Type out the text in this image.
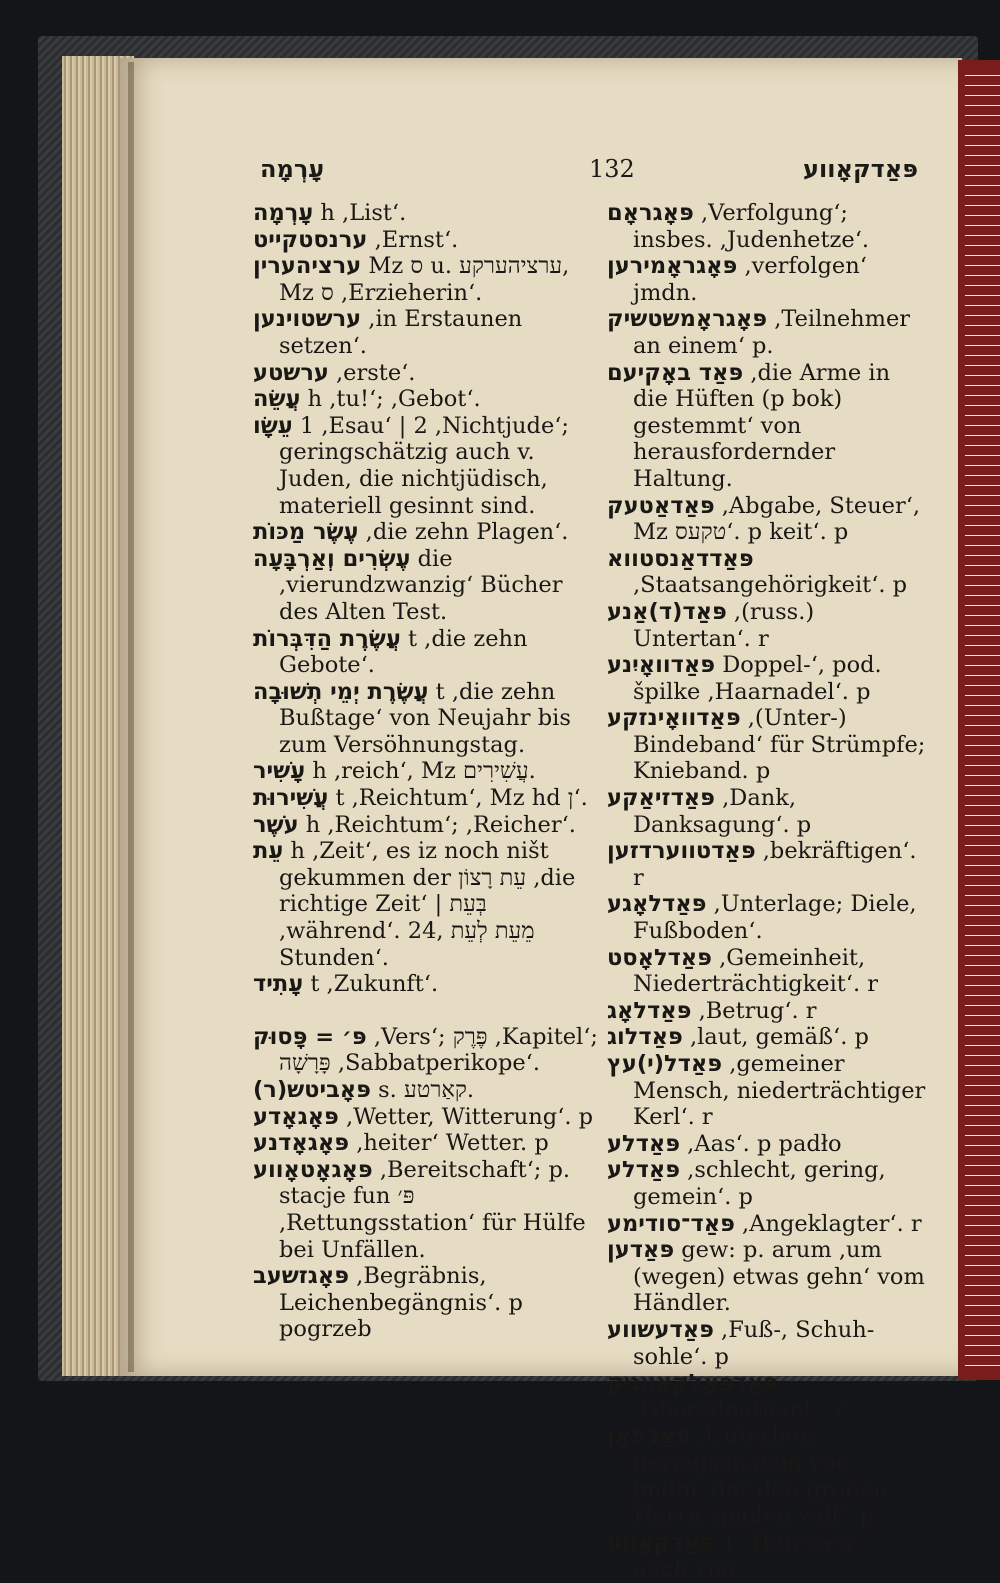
עָרְמָה	132	פּאַדקאָווע

עָרְמָה h ,List‘.

ערנסטקייט ,Ernst‘.

ערציהערין Mz ס u. ערציהערקע, Mz ס ,Erzieherin‘.

ערשטוינען ,in Erstaunen setzen‘.

ערשטע ,erste‘.

עֲשֵׂה h ,tu!‘; ,Gebot‘.

עֵשָׂו 1 ,Esau‘ | 2 ,Nichtjude‘; geringschätzig auch v. Juden, die nichtjüdisch, materiell gesinnt sind.

עֶשֶׂר מַכּוֹת ,die zehn Plagen‘.

עֶשְׂרִים וְאַרְבָּעָה die ,vierundzwanzig‘ Bücher des Alten Test.

עֲשֶׂרֶת הַדִּבְּרוֹת t ,die zehn Gebote‘.

עֲשֶׂרֶת יְמֵי תְשׁוּבָה t ,die zehn Bußtage‘ von Neujahr bis zum Versöhnungstag.

עָשִׁיר h ,reich‘, Mz עֲשִׁירִים.

עֲשִׁירוּת t ,Reichtum‘, Mz hd ן‘.

עֹשֶׁר h ,Reichtum‘; ,Reicher‘.

עֵת h ,Zeit‘, es iz noch ništ gekummen der עֵת רָצוֹן ,die richtige Zeit‘ | בְּעֵת ,während‘. מֵעֵת לְעֵת ,24 Stunden‘.

עָתִיד t ,Zukunft‘.

פּ׳ = פָּסוּק ,Vers‘; פֶּרֶק ,Kapitel‘; פָּרָשָׁה ,Sabbatperikope‘.

פּאָביטש(ר) s. קאַרטע.

פּאָגאָדע ,Wetter, Witterung‘. p

פּאָגאָדנע ,heiter‘ Wetter. p

פּאָגאָטאָווע ,Bereitschaft‘; p. stacje fun פּ׳ ,Rettungsstation‘ für Hülfe bei Unfällen.

פּאָגזשעב ,Begräbnis, Leichenbegängnis‘. p pogrzeb

פּאָגראָם ,Verfolgung‘; insbes. ,Judenhetze‘.

פּאָגראָמירען ,verfolgen‘ jmdn.

פּאָגראָמשטשיק ,Teilnehmer an einem‘ p.

פּאַד באָקיעם ,die Arme in die Hüften (p bok) gestemmt‘ von herausfordernder Haltung.

פּאַדאַטעק ,Abgabe, Steuer‘, Mz טקעס‘. p keit‘. p

פּאַדדאַנסטווא ,Staatsangehörigkeit‘. p

פּאַד(ד)אַנע ,(russ.) Untertan‘. r

פּאַדוואָיִנע Doppel-‘, pod. špilke ,Haarnadel‘. p

פּאַדוואָינזקע ,(Unter-) Bindeband‘ für Strümpfe; Knieband. p

פּאַדזיאַקע ,Dank, Danksagung‘. p

פּאַדטווערדזען ,bekräftigen‘. r

פּאַדלאָגע ,Unterlage; Diele, Fußboden‘.

פּאַדלאָסט ,Gemeinheit, Niederträchtigkeit‘. r

פּאַדלאָג ,Betrug‘. r

פּאַדלוג ,laut, gemäß‘. p

פּאַדל(י)עץ ,gemeiner Mensch, niederträchtiger Kerl‘. r

פּאַדלע ,Aas‘. p padło

פּאַדלע ,schlecht, gering, gemein‘. p

פּאַד־סודימע ,Angeklagter‘. r

פּאַדען gew: p. arum ,um (wegen) etwas gehn‘ vom Händler.

פּאַדעשווע ,Fuß-, Schuh-sohle‘. p

פּאַדפּאָלקאָווניק ,Oberstleutnant‘. r

פּאַדפּאַן ,Unterherr‘ geringschätzig von jmdm, der den großen Herrn spielen will‘. p

פּאַדקאָווע 1 ,Hufeisen‘, auch von
